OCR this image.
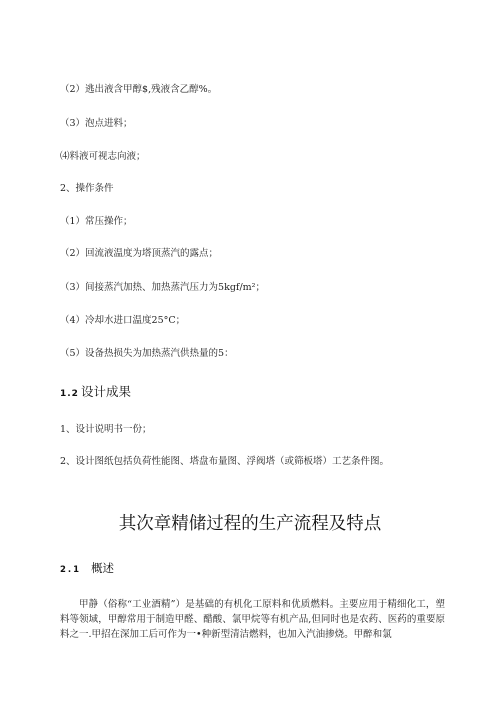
（2）逃出液含甲醇$,残液含乙醇%。
（3）泡点进料；
⑷料液可视志向液；
2、操作条件
（1）常压操作；
（2）回流液温度为塔顶蒸汽的露点；
（3）间接蒸汽加热、加热蒸汽压力为5kgf/m²；
（4）冷却水进口温度25°C；
（5）设备热损失为加热蒸汽供热量的5：
1.2 设计成果
1、设计说明书一份；
2、设计图纸包括负荷性能图、塔盘布量图、浮阀塔（或筛板塔）工艺条件图。
其次章精储过程的生产流程及特点
2.1 概述
甲静（俗称“工业酒精”）是基础的有机化工原料和优质燃料。主要应用于精细化工，塑料等领域，甲醇常用于制造甲醛、醋酸、氯甲烷等有机产品,但同时也是农药、医药的重要原料之一.甲招在深加工后可作为一•种新型清洁燃料，也加入汽油掺烧。甲醉和氯
